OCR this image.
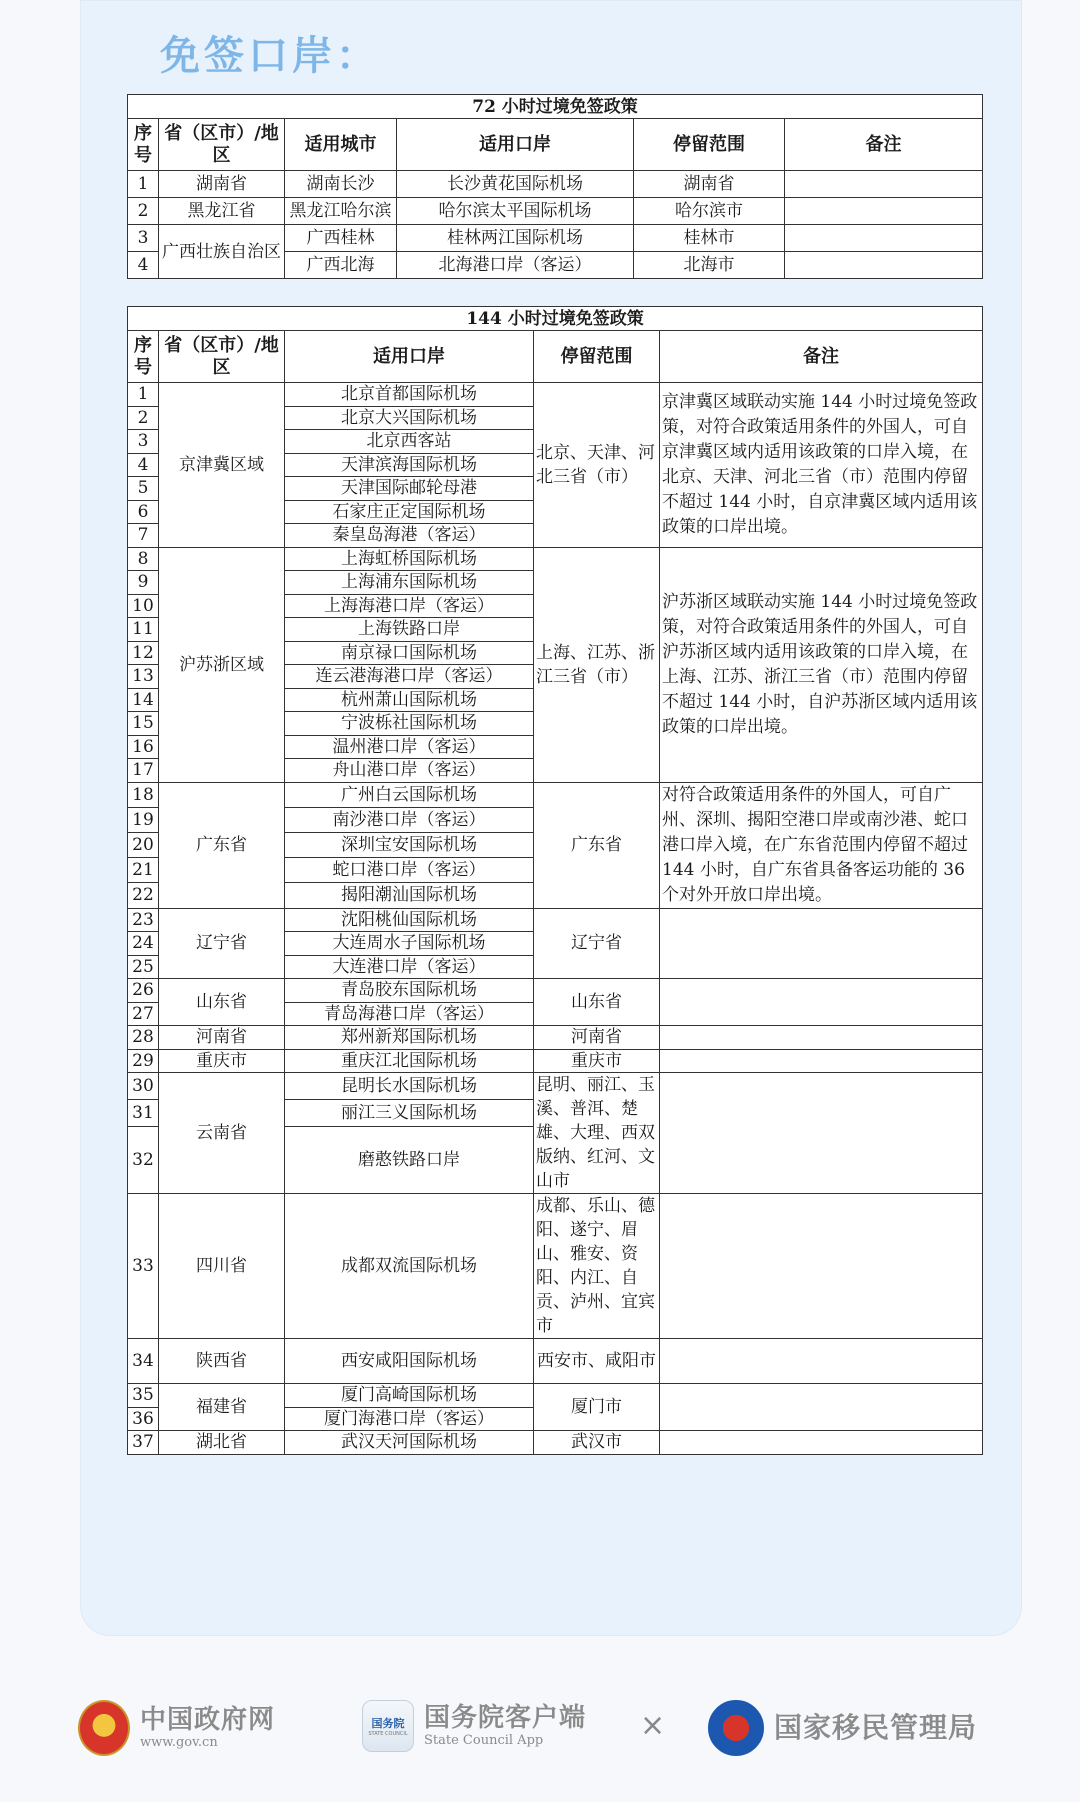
免签口岸：
72 小时过境免签政策					
序号	省（区市）/地区	适用城市	适用口岸	停留范围	备注
1	湖南省	湖南长沙	长沙黄花国际机场	湖南省	
2	黑龙江省	黑龙江哈尔滨	哈尔滨太平国际机场	哈尔滨市	
3	广西壮族自治区	广西桂林	桂林两江国际机场	桂林市	
4		广西北海	北海港口岸（客运）	北海市	
144 小时过境免签政策				
序号	省（区市）/地区	适用口岸	停留范围	备注
1	京津冀区域	北京首都国际机场	北京、天津、河北三省（市）	京津冀区域联动实施 144 小时过境免签政策，对符合政策适用条件的外国人，可自京津冀区域内适用该政策的口岸入境，在北京、天津、河北三省（市）范围内停留不超过 144 小时，自京津冀区域内适用该政策的口岸出境。
2		北京大兴国际机场		
3		北京西客站		
4		天津滨海国际机场		
5		天津国际邮轮母港		
6		石家庄正定国际机场		
7		秦皇岛海港（客运）		
8	沪苏浙区域	上海虹桥国际机场	上海、江苏、浙江三省（市）	沪苏浙区域联动实施 144 小时过境免签政策，对符合政策适用条件的外国人，可自沪苏浙区域内适用该政策的口岸入境，在上海、江苏、浙江三省（市）范围内停留不超过 144 小时，自沪苏浙区域内适用该政策的口岸出境。
9		上海浦东国际机场		
10		上海海港口岸（客运）		
11		上海铁路口岸		
12		南京禄口国际机场		
13		连云港海港口岸（客运）		
14		杭州萧山国际机场		
15		宁波栎社国际机场		
16		温州港口岸（客运）		
17		舟山港口岸（客运）		
18	广东省	广州白云国际机场	广东省	对符合政策适用条件的外国人，可自广州、深圳、揭阳空港口岸或南沙港、蛇口港口岸入境，在广东省范围内停留不超过 144 小时，自广东省具备客运功能的 36 个对外开放口岸出境。
19		南沙港口岸（客运）		
20		深圳宝安国际机场		
21		蛇口港口岸（客运）		
22		揭阳潮汕国际机场		
23	辽宁省	沈阳桃仙国际机场	辽宁省	
24		大连周水子国际机场		
25		大连港口岸（客运）		
26	山东省	青岛胶东国际机场	山东省	
27		青岛海港口岸（客运）		
28	河南省	郑州新郑国际机场	河南省	
29	重庆市	重庆江北国际机场	重庆市	
30	云南省	昆明长水国际机场	昆明、丽江、玉溪、普洱、楚雄、大理、西双版纳、红河、文山市	
31		丽江三义国际机场		
32		磨憨铁路口岸		
33	四川省	成都双流国际机场	成都、乐山、德阳、遂宁、眉山、雅安、资阳、内江、自贡、泸州、宜宾市	
34	陕西省	西安咸阳国际机场	西安市、咸阳市	
35	福建省	厦门高崎国际机场	厦门市	
36		厦门海港口岸（客运）		
37	湖北省	武汉天河国际机场	武汉市	
中国政府网
www.gov.cn
国务院
STATE COUNCIL
国务院客户端
State Council App	×	国家移民管理局
